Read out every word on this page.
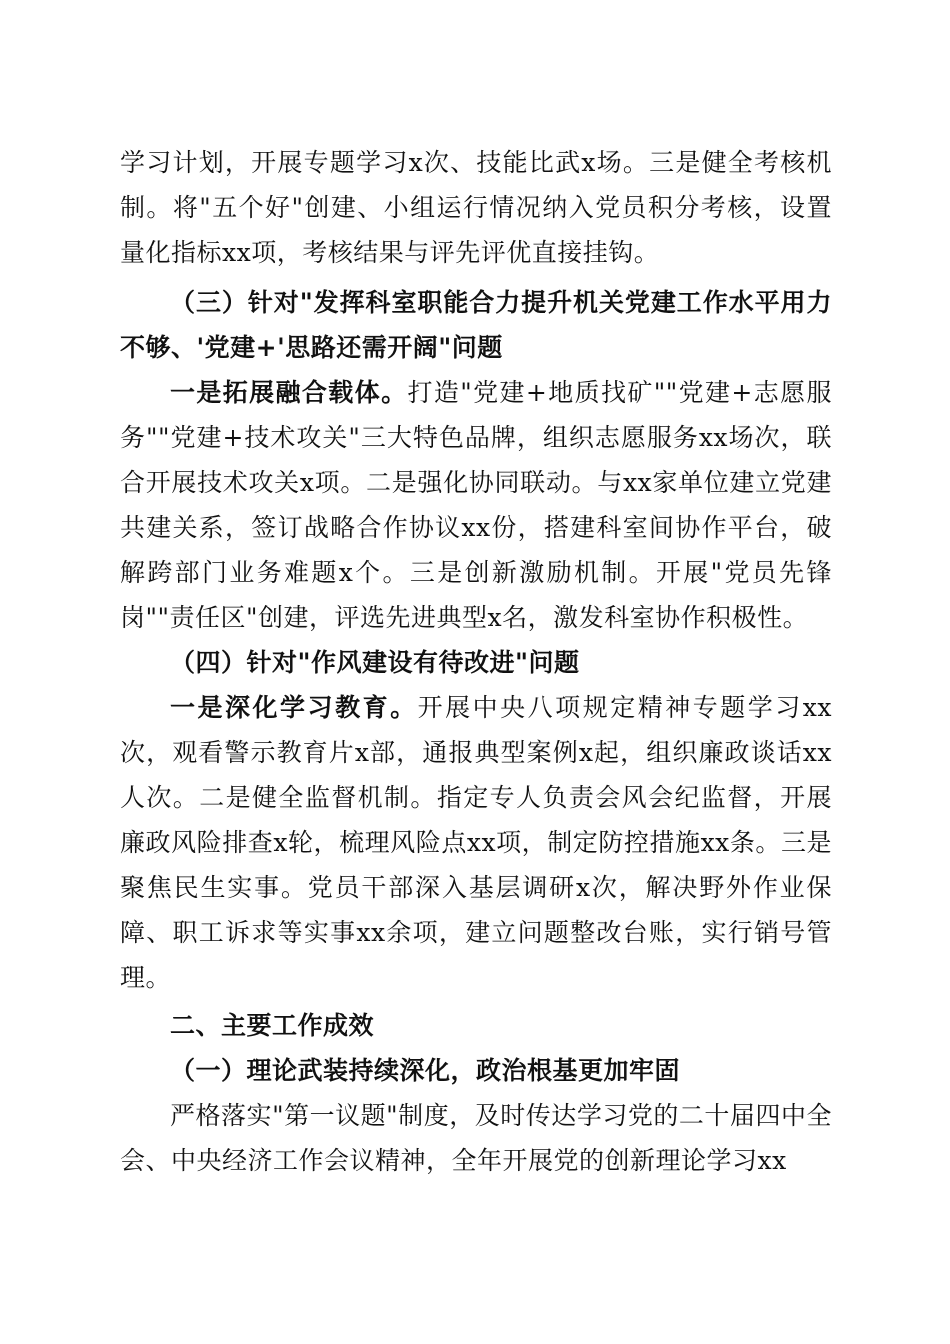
学习计划，开展专题学习x次、技能比武x场。三是健全考核机制。将"五个好"创建、小组运行情况纳入党员积分考核，设置量化指标xx项，考核结果与评先评优直接挂钩。

（三）针对"发挥科室职能合力提升机关党建工作水平用力不够、'党建+'思路还需开阔"问题

一是拓展融合载体。打造"党建+地质找矿""党建+志愿服务""党建+技术攻关"三大特色品牌，组织志愿服务xx场次，联合开展技术攻关x项。二是强化协同联动。与xx家单位建立党建共建关系，签订战略合作协议xx份，搭建科室间协作平台，破解跨部门业务难题x个。三是创新激励机制。开展"党员先锋岗""责任区"创建，评选先进典型x名，激发科室协作积极性。

（四）针对"作风建设有待改进"问题

一是深化学习教育。开展中央八项规定精神专题学习xx次，观看警示教育片x部，通报典型案例x起，组织廉政谈话xx人次。二是健全监督机制。指定专人负责会风会纪监督，开展廉政风险排查x轮，梳理风险点xx项，制定防控措施xx条。三是聚焦民生实事。党员干部深入基层调研x次，解决野外作业保障、职工诉求等实事xx余项，建立问题整改台账，实行销号管理。

二、主要工作成效

（一）理论武装持续深化，政治根基更加牢固

严格落实"第一议题"制度，及时传达学习党的二十届四中全会、中央经济工作会议精神，全年开展党的创新理论学习xx
